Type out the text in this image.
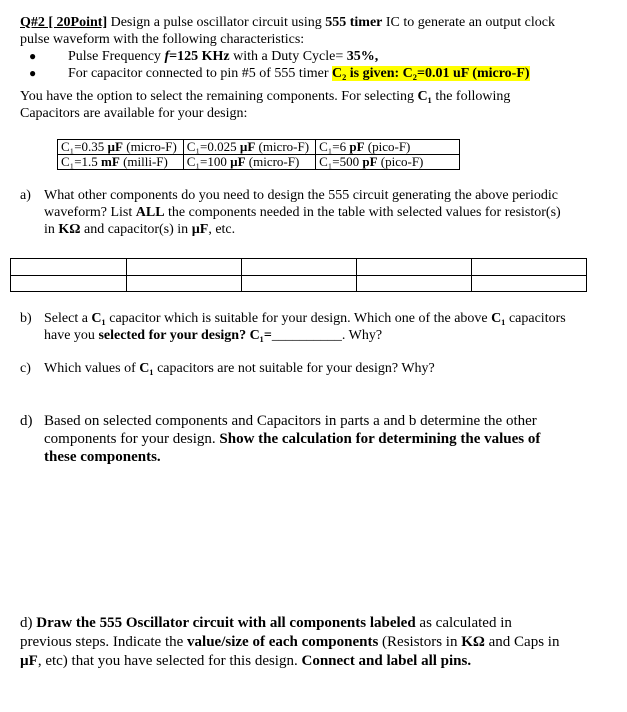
Q#2 [ 20Point] Design a pulse oscillator circuit using 555 timer IC to generate an output clock
pulse waveform with the following characteristics:
● Pulse Frequency f=125 KHz with a Duty Cycle= 35%,
● For capacitor connected to pin #5 of 555 timer C₂ is given: C₂=0.01 uF (micro-F)
You have the option to select the remaining components. For selecting C₁ the following
Capacitors are available for your design:
C₁=0.35 µF (micro-F)	C₁=0.025 µF (micro-F)	C₁=6 pF (pico-F)
C₁=1.5 mF (milli-F)	C₁=100 µF (micro-F)	C₁=500 pF (pico-F)
a) What other components do you need to design the 555 circuit generating the above periodic
waveform? List ALL the components needed in the table with selected values for resistor(s)
in KΩ and capacitor(s) in µF, etc.
b) Select a C₁ capacitor which is suitable for your design. Which one of the above C₁ capacitors
have you selected for your design? C₁=__________. Why?
c) Which values of C₁ capacitors are not suitable for your design? Why?
d) Based on selected components and Capacitors in parts a and b determine the other
components for your design. Show the calculation for determining the values of
these components.
d) Draw the 555 Oscillator circuit with all components labeled as calculated in
previous steps. Indicate the value/size of each components (Resistors in KΩ and Caps in
µF, etc) that you have selected for this design. Connect and label all pins.
